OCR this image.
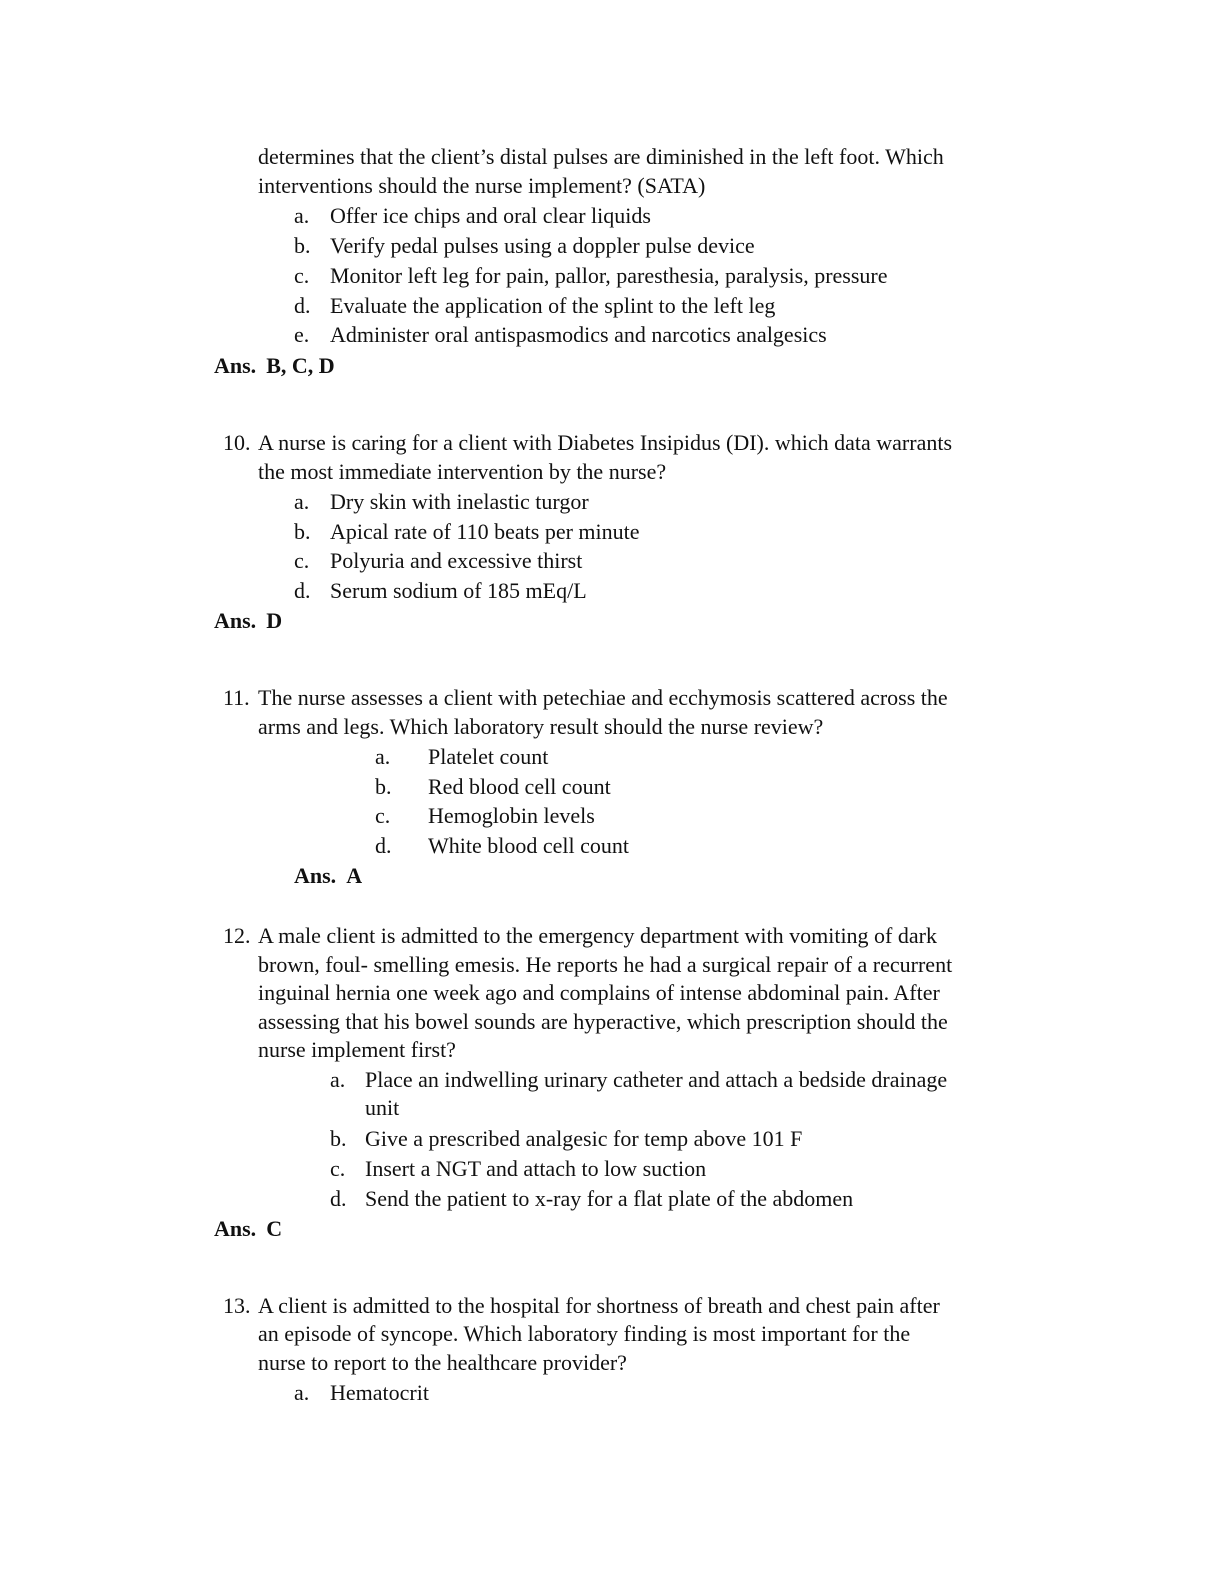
determines that the client’s distal pulses are diminished in the left foot. Which
interventions should the nurse implement? (SATA)
a. Offer ice chips and oral clear liquids
b. Verify pedal pulses using a doppler pulse device
c. Monitor left leg for pain, pallor, paresthesia, paralysis, pressure
d. Evaluate the application of the splint to the left leg
e. Administer oral antispasmodics and narcotics analgesics
Ans. B, C, D
10. A nurse is caring for a client with Diabetes Insipidus (DI). which data warrants
the most immediate intervention by the nurse?
a. Dry skin with inelastic turgor
b. Apical rate of 110 beats per minute
c. Polyuria and excessive thirst
d. Serum sodium of 185 mEq/L
Ans. D
11. The nurse assesses a client with petechiae and ecchymosis scattered across the
arms and legs. Which laboratory result should the nurse review?
a. Platelet count
b. Red blood cell count
c. Hemoglobin levels
d. White blood cell count
Ans. A
12. A male client is admitted to the emergency department with vomiting of dark
brown, foul- smelling emesis. He reports he had a surgical repair of a recurrent
inguinal hernia one week ago and complains of intense abdominal pain. After
assessing that his bowel sounds are hyperactive, which prescription should the
nurse implement first?
a. Place an indwelling urinary catheter and attach a bedside drainage
unit
b. Give a prescribed analgesic for temp above 101 F
c. Insert a NGT and attach to low suction
d. Send the patient to x-ray for a flat plate of the abdomen
Ans. C
13. A client is admitted to the hospital for shortness of breath and chest pain after
an episode of syncope. Which laboratory finding is most important for the
nurse to report to the healthcare provider?
a. Hematocrit
